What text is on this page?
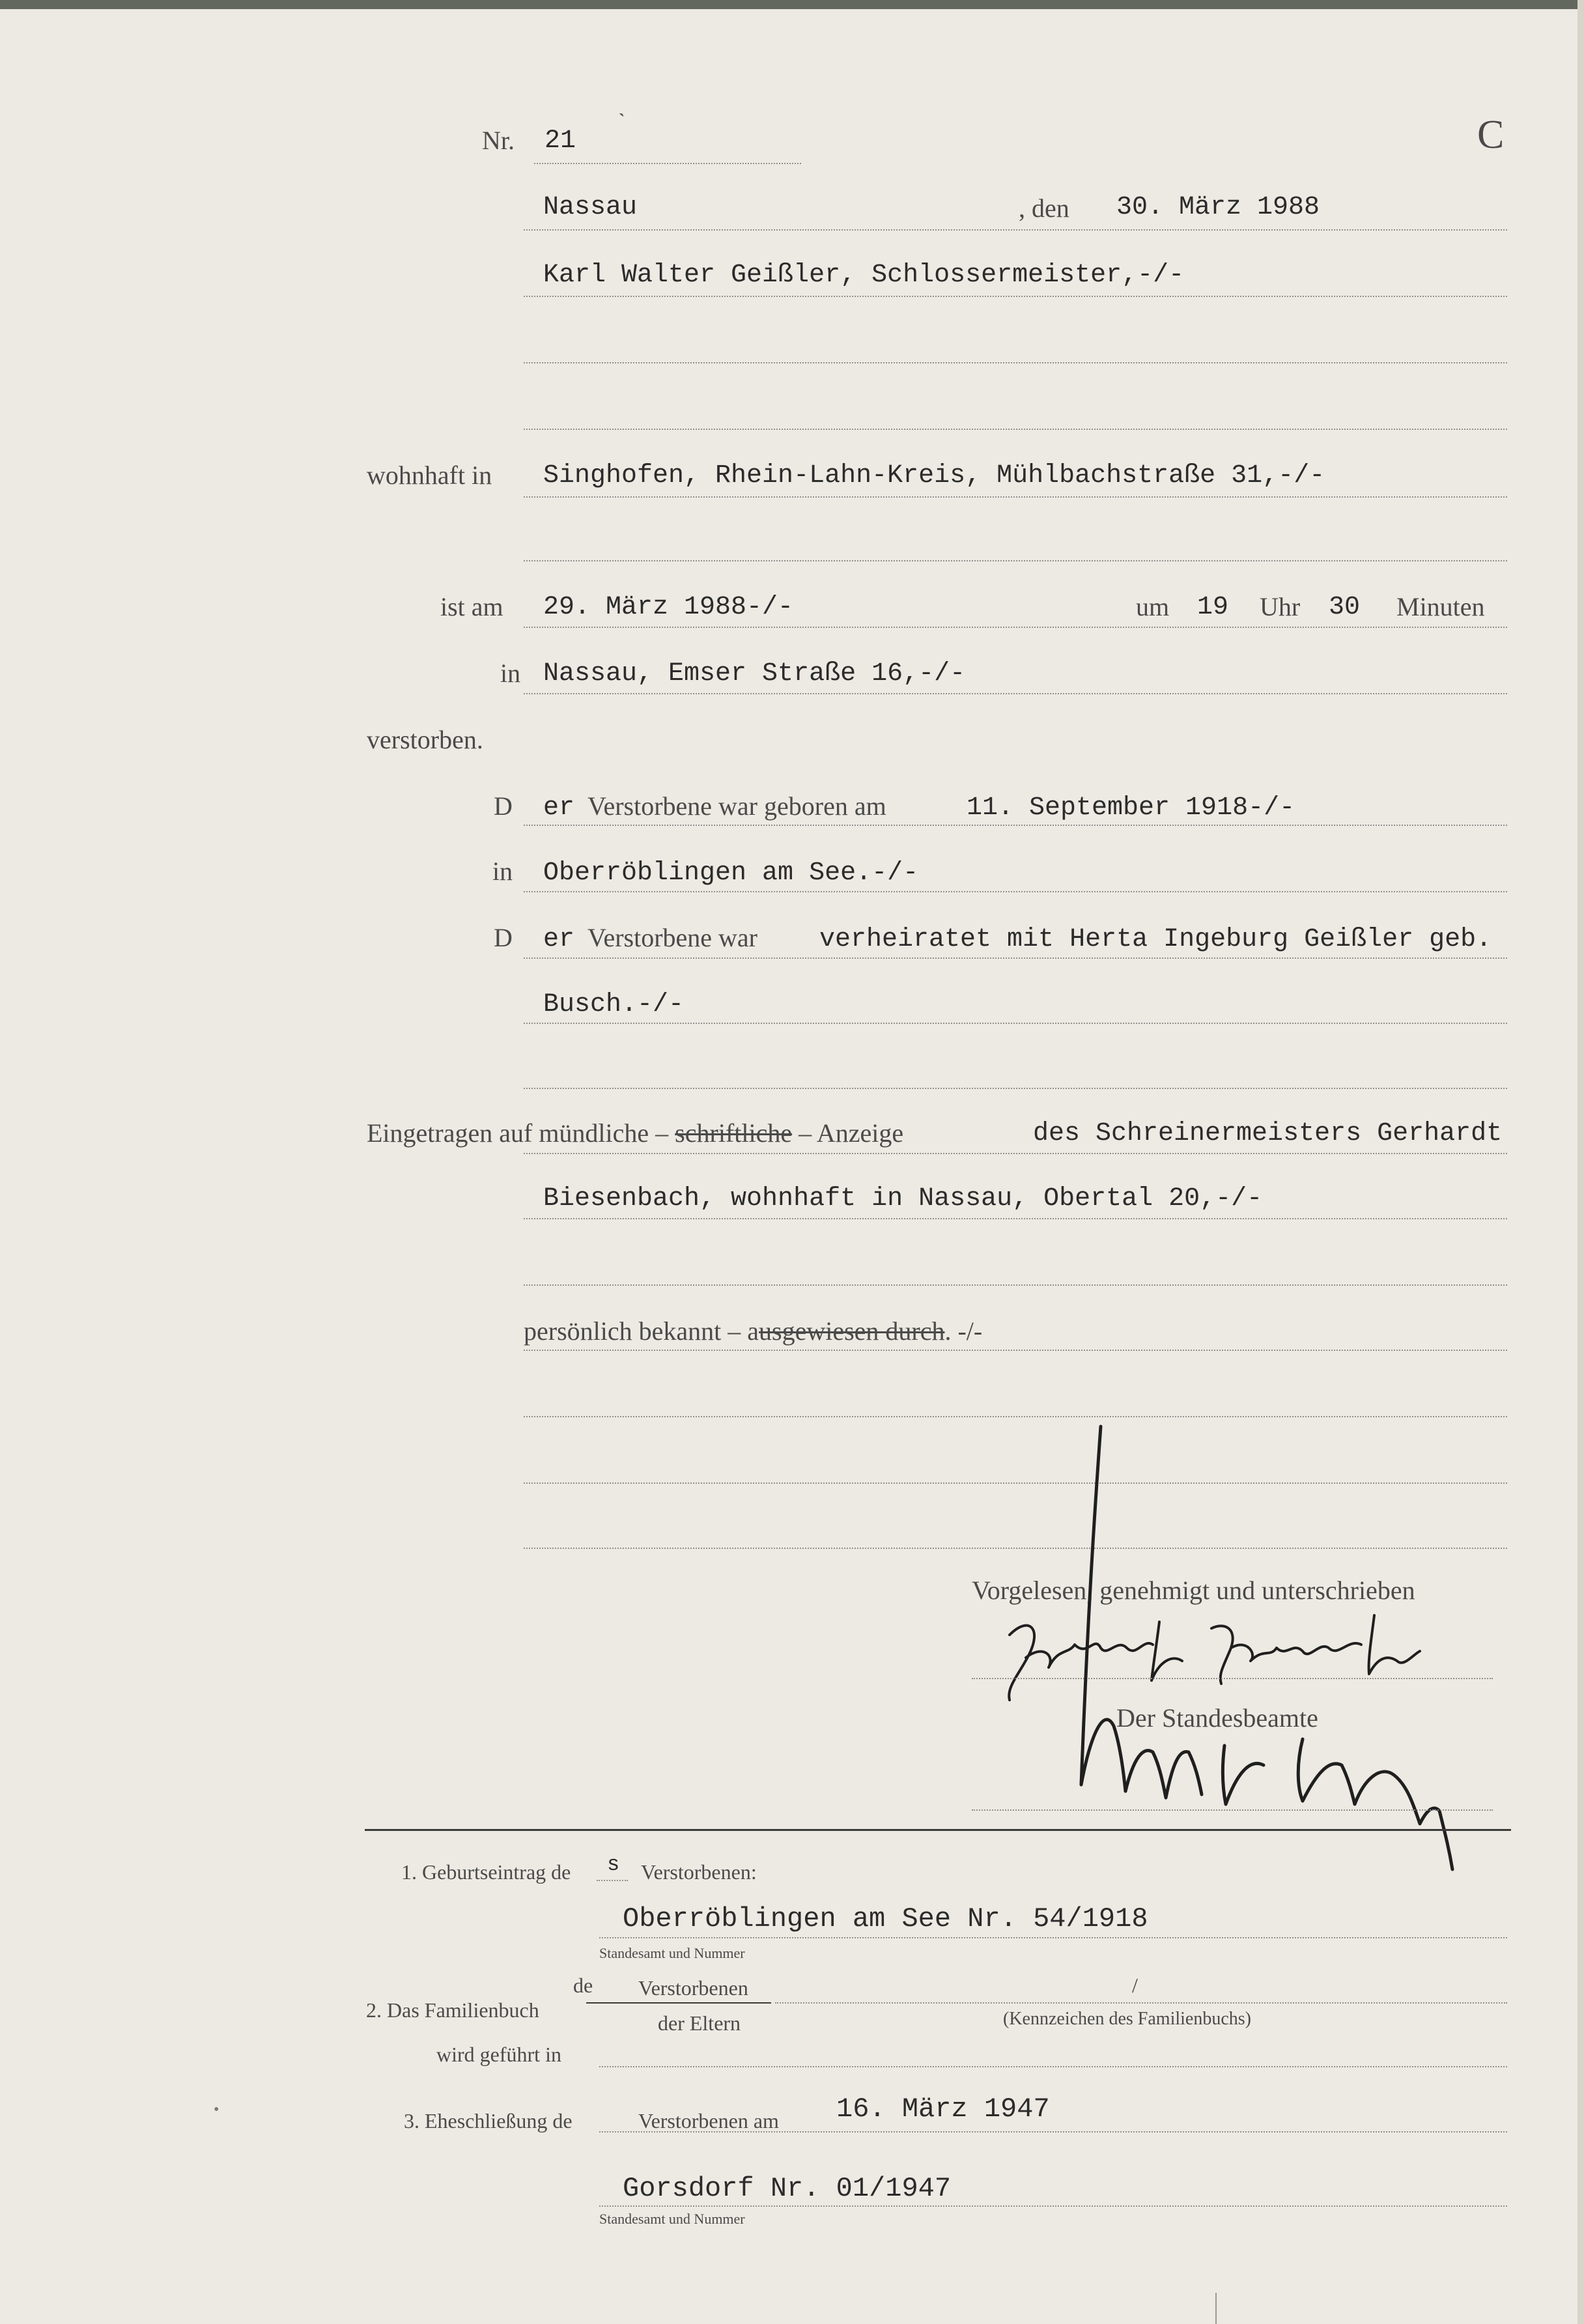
Nr. 21
ˋ	C
Nassau	, den 30. März 1988
Karl Walter Geißler, Schlossermeister,-/-
wohnhaft in Singhofen, Rhein-Lahn-Kreis, Mühlbachstraße 31,-/-
ist am 29. März 1988-/-	um 19 Uhr 30 Minuten
in Nassau, Emser Straße 16,-/-
verstorben.
D er Verstorbene war geboren am	11. September 1918-/-
in Oberröblingen am See.-/-
D er Verstorbene war verheiratet mit Herta Ingeburg Geißler geb.
Busch.-/-
Eingetragen auf mündliche – schriftliche – Anzeige	des Schreinermeisters Gerhardt
Biesenbach, wohnhaft in Nassau, Obertal 20,-/-
persönlich bekannt – ausgewiesen durch. -/-
Vorgelesen, genehmigt und unterschrieben
Der Standesbeamte
1. Geburtseintrag de s Verstorbenen:
Oberröblingen am See Nr. 54/1918
Standesamt und Nummer
de Verstorbenen	/
2. Das Familienbuch
der Eltern	(Kennzeichen des Familienbuchs)
wird geführt in
3. Eheschließung de	Verstorbenen am 16. März 1947
Gorsdorf Nr. 01/1947
Standesamt und Nummer
•
